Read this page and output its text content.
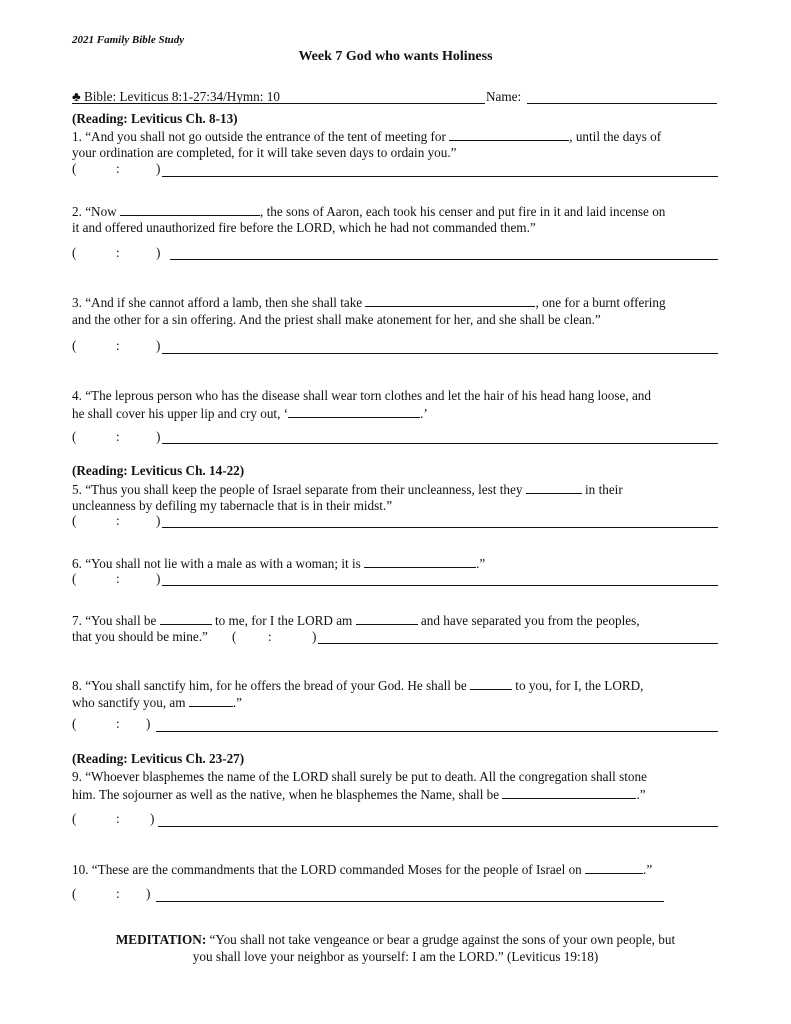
2021 Family Bible Study
Week 7 God who wants Holiness
♣ Bible: Leviticus 8:1-27:34/Hymn: 10	Name:
(Reading: Leviticus Ch. 8-13)
1. “And you shall not go outside the entrance of the tent of meeting for	, until the days of
your ordination are completed, for it will take seven days to ordain you.”
(	:	)
2. “Now	, the sons of Aaron, each took his censer and put fire in it and laid incense on
it and offered unauthorized fire before the LORD, which he had not commanded them.”
(	:	)
3. “And if she cannot afford a lamb, then she shall take	, one for a burnt offering
and the other for a sin offering. And the priest shall make atonement for her, and she shall be clean.”
(	:	)
4. “The leprous person who has the disease shall wear torn clothes and let the hair of his head hang loose, and
he shall cover his upper lip and cry out, ‘	.’
(	:	)
(Reading: Leviticus Ch. 14-22)
5. “Thus you shall keep the people of Israel separate from their uncleanness, lest they	in their
uncleanness by defiling my tabernacle that is in their midst.”
(	:	)
6. “You shall not lie with a male as with a woman; it is	.”
(	:	)
7. “You shall be	to me, for I the LORD am	and have separated you from the peoples,
that you should be mine.” ( :	)
8. “You shall sanctify him, for he offers the bread of your God. He shall be	to you, for I, the LORD,
who sanctify you, am	.”
(	: )
(Reading: Leviticus Ch. 23-27)
9. “Whoever blasphemes the name of the LORD shall surely be put to death. All the congregation shall stone
him. The sojourner as well as the native, when he blasphemes the Name, shall be	.”
(	: )
10. “These are the commandments that the LORD commanded Moses for the people of Israel on	.”
(	: )
MEDITATION: “You shall not take vengeance or bear a grudge against the sons of your own people, but
you shall love your neighbor as yourself: I am the LORD.” (Leviticus 19:18)
